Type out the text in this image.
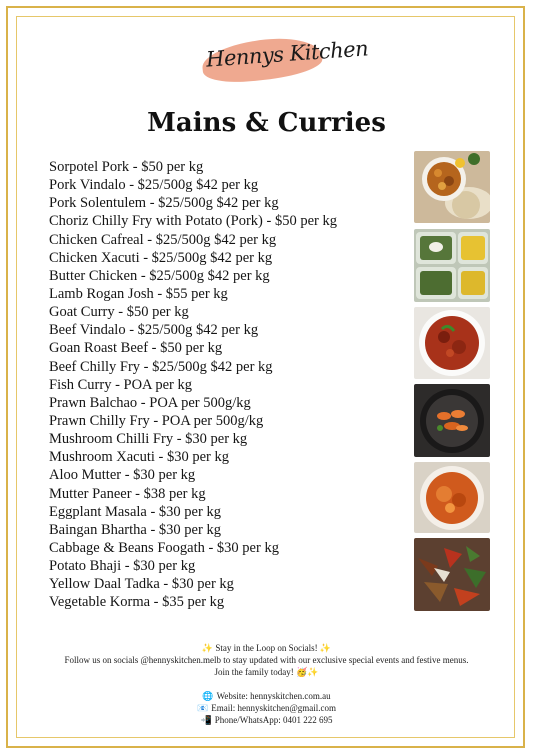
Hennys Kitchen
Mains & Curries
Sorpotel Pork - $50 per kg
Pork Vindalo - $25/500g $42 per kg
Pork Solentulem - $25/500g $42 per kg
Choriz Chilly Fry with Potato (Pork) - $50 per kg
Chicken Cafreal - $25/500g $42 per kg
Chicken Xacuti - $25/500g $42 per kg
Butter Chicken - $25/500g $42 per kg
Lamb Rogan Josh - $55 per kg
Goat Curry - $50 per kg
Beef Vindalo - $25/500g $42 per kg
Goan Roast Beef - $50 per kg
Beef Chilly Fry - $25/500g $42 per kg
Fish Curry - POA per kg
Prawn Balchao - POA per 500g/kg
Prawn Chilly Fry - POA per 500g/kg
Mushroom Chilli Fry - $30 per kg
Mushroom Xacuti - $30 per kg
Aloo Mutter - $30 per kg
Mutter Paneer - $38 per kg
Eggplant Masala - $30 per kg
Baingan Bhartha - $30 per kg
Cabbage & Beans Foogath - $30 per kg
Potato Bhaji - $30 per kg
Yellow Daal Tadka - $30 per kg
Vegetable Korma - $35 per kg
✨ Stay in the Loop on Socials! ✨
Follow us on socials @hennyskitchen.melb to stay updated with our exclusive special events and festive menus.
Join the family today! 🥳✨
🌐 Website: hennyskitchen.com.au
📧 Email: hennyskitchen@gmail.com
📲 Phone/WhatsApp: 0401 222 695
